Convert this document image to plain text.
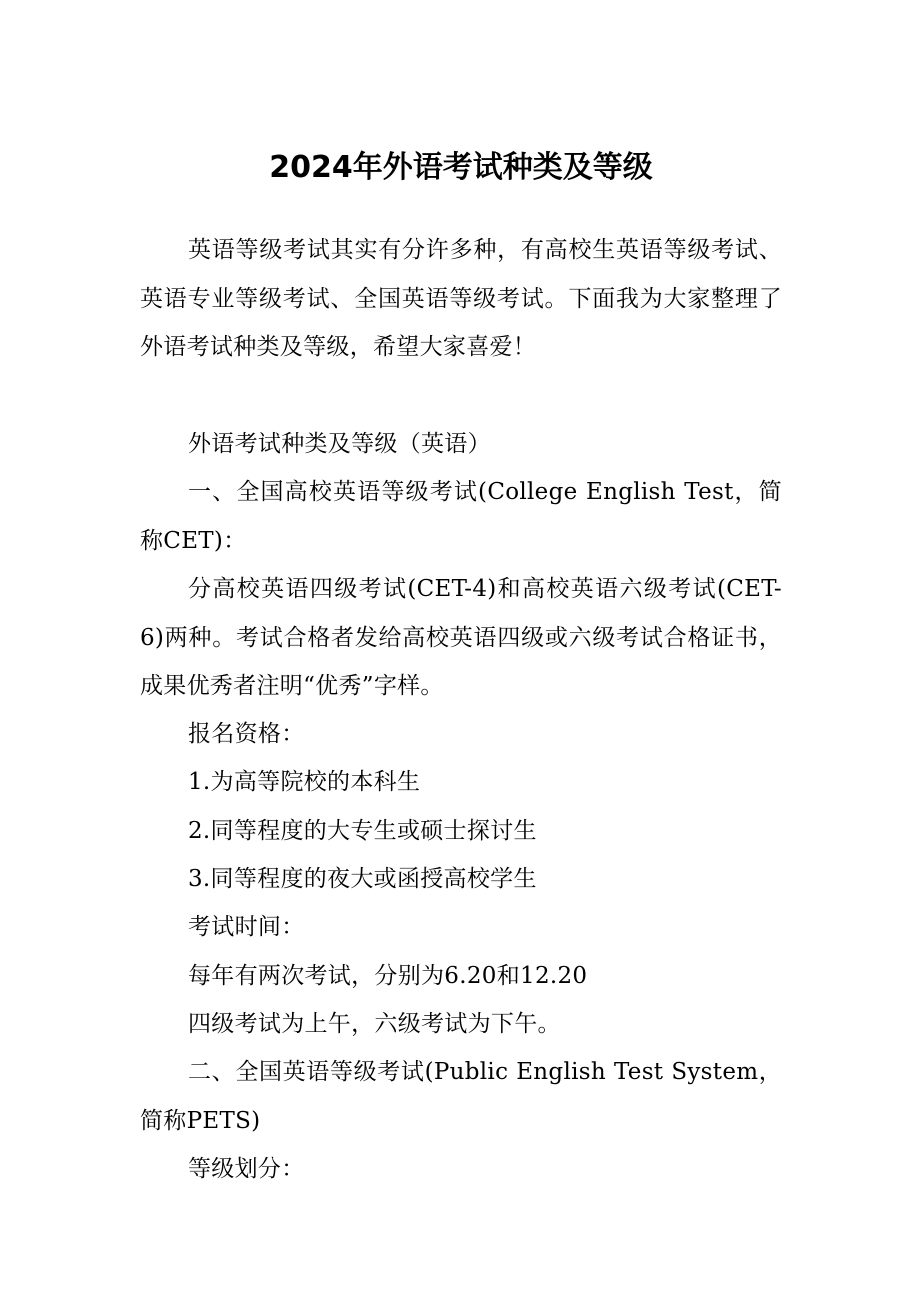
2024年外语考试种类及等级

英语等级考试其实有分许多种，有高校生英语等级考试、英语专业等级考试、全国英语等级考试。下面我为大家整理了外语考试种类及等级，希望大家喜爱！

外语考试种类及等级（英语）

一、全国高校英语等级考试(College English Test，简称CET)：

分高校英语四级考试(CET-4)和高校英语六级考试(CET-6)两种。考试合格者发给高校英语四级或六级考试合格证书，成果优秀者注明“优秀”字样。

报名资格：

1.为高等院校的本科生

2.同等程度的大专生或硕士探讨生

3.同等程度的夜大或函授高校学生

考试时间：

每年有两次考试，分别为6.20和12.20

四级考试为上午，六级考试为下午。

二、全国英语等级考试(Public English Test System，简称PETS)

等级划分：
